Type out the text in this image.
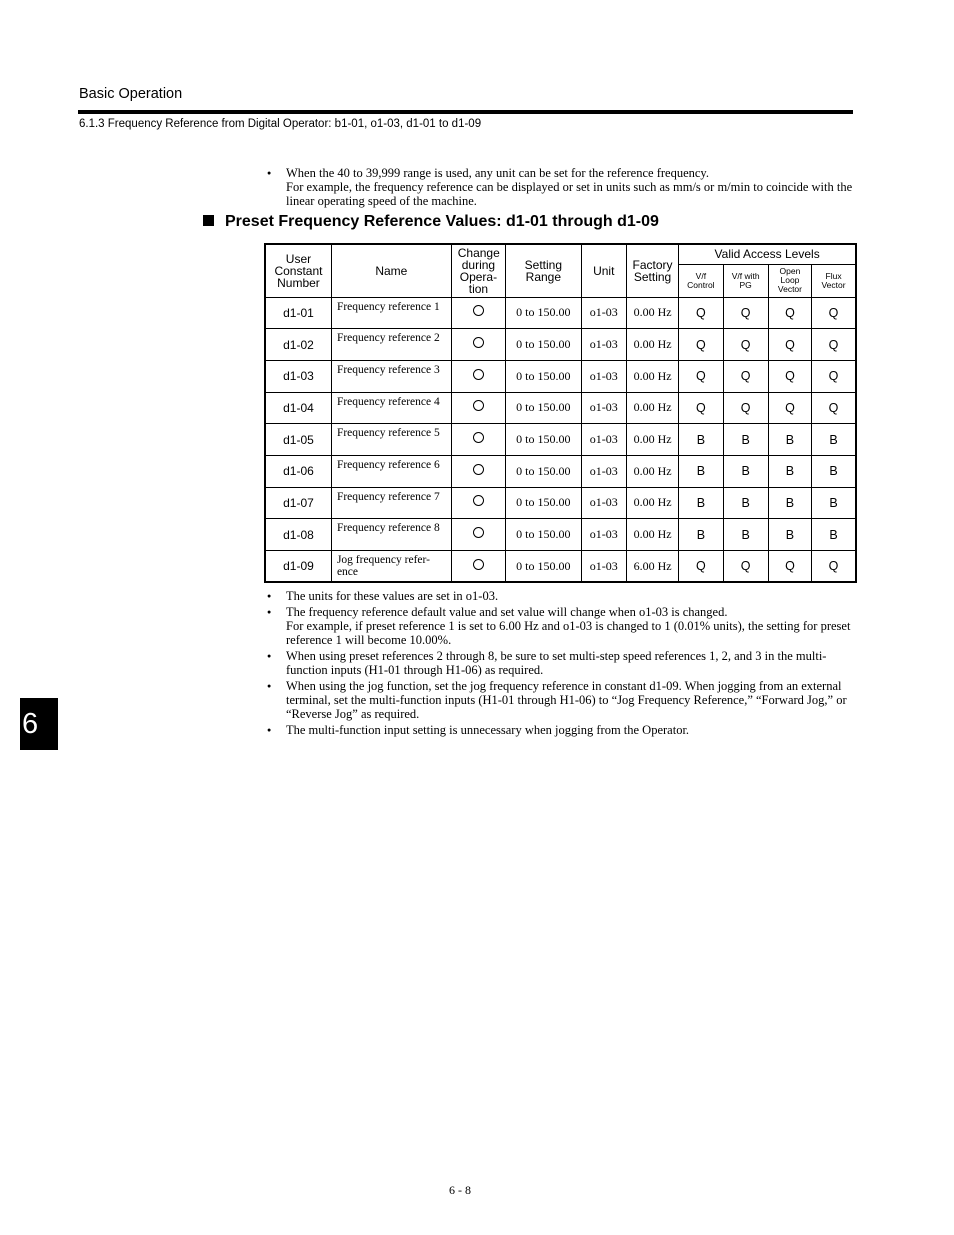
Basic Operation
6.1.3 Frequency Reference from Digital Operator: b1-01, o1-03, d1-01 to d1-09
● When the 40 to 39,999 range is used, any unit can be set for the reference frequency.
For example, the frequency reference can be displayed or set in units such as mm/s or m/min to coincide with the linear operating speed of the machine.
Preset Frequency Reference Values: d1-01 through d1-09
User Constant Number	Name	Change during Opera- tion	Setting Range	Unit	Factory Setting	Valid Access Levels			
						V/f Control	V/f with PG	Open Loop Vector	Flux Vector
d1-01	Frequency reference 1		0 to 150.00	o1-03	0.00 Hz	Q	Q	Q	Q
d1-02	Frequency reference 2		0 to 150.00	o1-03	0.00 Hz	Q	Q	Q	Q
d1-03	Frequency reference 3		0 to 150.00	o1-03	0.00 Hz	Q	Q	Q	Q
d1-04	Frequency reference 4		0 to 150.00	o1-03	0.00 Hz	Q	Q	Q	Q
d1-05	Frequency reference 5		0 to 150.00	o1-03	0.00 Hz	B	B	B	B
d1-06	Frequency reference 6		0 to 150.00	o1-03	0.00 Hz	B	B	B	B
d1-07	Frequency reference 7		0 to 150.00	o1-03	0.00 Hz	B	B	B	B
d1-08	Frequency reference 8		0 to 150.00	o1-03	0.00 Hz	B	B	B	B
d1-09	Jog frequency refer- ence		0 to 150.00	o1-03	6.00 Hz	Q	Q	Q	Q
● The units for these values are set in o1-03.
● The frequency reference default value and set value will change when o1-03 is changed.
For example, if preset reference 1 is set to 6.00 Hz and o1-03 is changed to 1 (0.01% units), the setting for preset reference 1 will become 10.00%.
● When using preset references 2 through 8, be sure to set multi-step speed references 1, 2, and 3 in the multi-function inputs (H1-01 through H1-06) as required.
● When using the jog function, set the jog frequency reference in constant d1-09. When jogging from an external terminal, set the multi-function inputs (H1-01 through H1-06) to “Jog Frequency Reference,” “Forward Jog,” or “Reverse Jog” as required.
● The multi-function input setting is unnecessary when jogging from the Operator.
6
6 - 8
